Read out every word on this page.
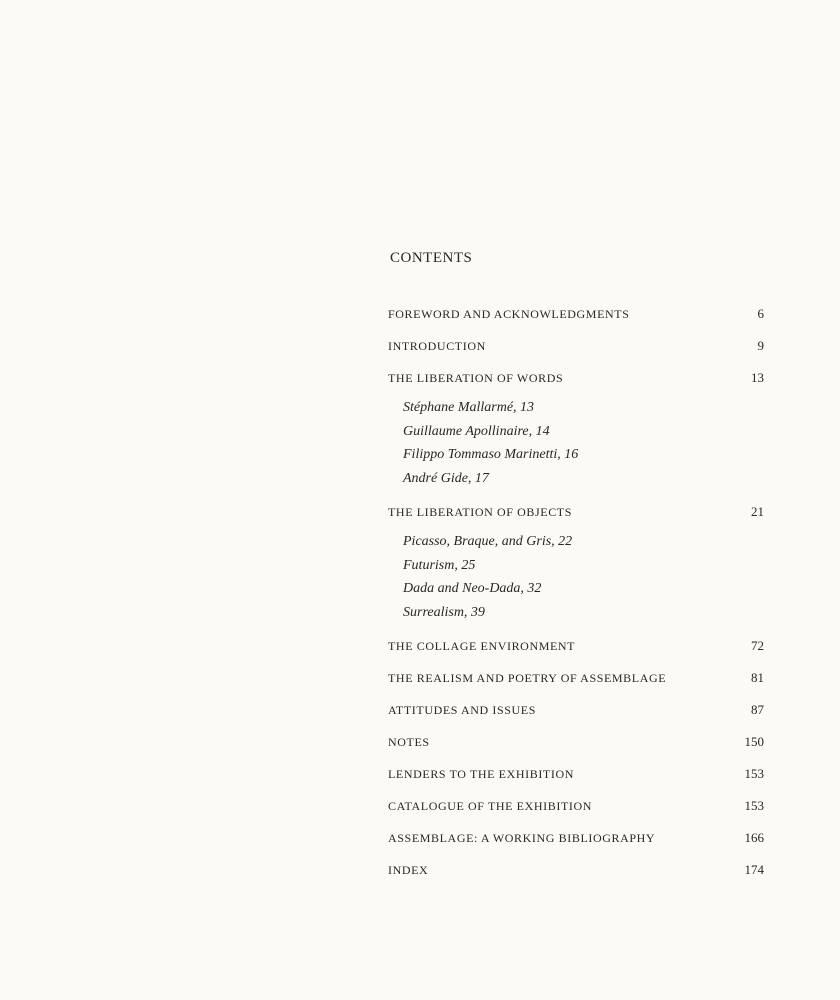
CONTENTS
FOREWORD AND ACKNOWLEDGMENTS	6
INTRODUCTION	9
THE LIBERATION OF WORDS	13
Stéphane Mallarmé, 13
Guillaume Apollinaire, 14
Filippo Tommaso Marinetti, 16
André Gide, 17
THE LIBERATION OF OBJECTS	21
Picasso, Braque, and Gris, 22
Futurism, 25
Dada and Neo-Dada, 32
Surrealism, 39
THE COLLAGE ENVIRONMENT	72
THE REALISM AND POETRY OF ASSEMBLAGE	81
ATTITUDES AND ISSUES	87
NOTES	150
LENDERS TO THE EXHIBITION	153
CATALOGUE OF THE EXHIBITION	153
ASSEMBLAGE: A WORKING BIBLIOGRAPHY	166
INDEX	174
